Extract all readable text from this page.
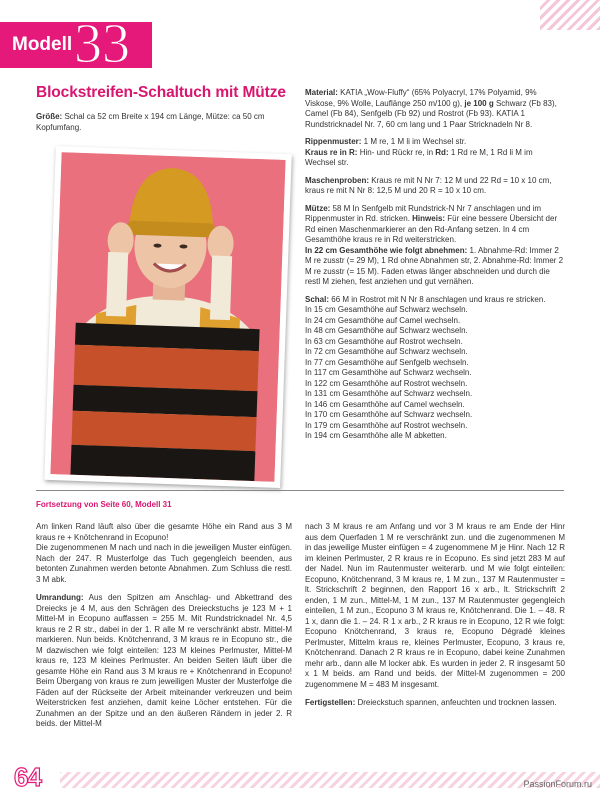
Modell 33
Blockstreifen-Schaltuch mit Mütze
Größe: Schal ca 52 cm Breite x 194 cm Länge, Mütze: ca 50 cm Kopfumfang.

Material: KATIA „Wow-Fluffy“ (65% Polyacryl, 17% Polyamid, 9% Viskose, 9% Wolle, Lauflänge 250 m/100 g), je 100 g Schwarz (Fb 83), Camel (Fb 84), Senfgelb (Fb 92) und Rostrot (Fb 93). KATIA 1 Rundstricknadel Nr. 7, 60 cm lang und 1 Paar Stricknadeln Nr 8.

Rippenmuster: 1 M re, 1 M li im Wechsel str.
Kraus re in R: Hin- und Rückr re, in Rd: 1 Rd re M, 1 Rd li M im Wechsel str.

Maschenproben: Kraus re mit N Nr 7: 12 M und 22 Rd = 10 x 10 cm, kraus re mit N Nr 8: 12,5 M und 20 R = 10 x 10 cm.

Mütze: 58 M In Senfgelb mit Rundstrick-N Nr 7 anschlagen und im Rippenmuster in Rd. stricken. Hinweis: Für eine bessere Übersicht der Rd einen Maschenmarkierer an den Rd-Anfang setzen. In 4 cm Gesamthöhe kraus re in Rd weiterstricken.
In 22 cm Gesamthöhe wie folgt abnehmen: 1. Abnahme-Rd: Immer 2 M re zusstr (= 29 M), 1 Rd ohne Abnahmen str, 2. Abnahme-Rd: Immer 2 M re zusstr (= 15 M). Faden etwas länger abschneiden und durch die restl M ziehen, fest anziehen und gut vernähen.

Schal: 66 M in Rostrot mit N Nr 8 anschlagen und kraus re stricken.
In 15 cm Gesamthöhe auf Schwarz wechseln.
In 24 cm Gesamthöhe auf Camel wechseln.
In 48 cm Gesamthöhe auf Schwarz wechseln.
In 63 cm Gesamthöhe auf Rostrot wechseln.
In 72 cm Gesamthöhe auf Schwarz wechseln.
In 77 cm Gesamthöhe auf Senfgelb wechseln.
In 117 cm Gesamthöhe auf Schwarz wechseln.
In 122 cm Gesamthöhe auf Rostrot wechseln.
In 131 cm Gesamthöhe auf Schwarz wechseln.
In 146 cm Gesamthöhe auf Camel wechseln.
In 170 cm Gesamthöhe auf Schwarz wechseln.
In 179 cm Gesamthöhe auf Rostrot wechseln.
In 194 cm Gesamthöhe alle M abketten.

Fortsetzung von Seite 60, Modell 31

Am linken Rand läuft also über die gesamte Höhe ein Rand aus 3 M kraus re + Knötchenrand in Ecopuno!
Die zugenommenen M nach und nach in die jeweiligen Muster einfügen. Nach der 247. R Musterfolge das Tuch gegengleich beenden, aus betonten Zunahmen werden betonte Abnahmen. Zum Schluss die restl. 3 M abk.

Umrandung: Aus den Spitzen am Anschlag- und Abkettrand des Dreiecks je 4 M, aus den Schrägen des Dreieckstuchs je 123 M + 1 Mittel-M in Ecopuno auffassen = 255 M. Mit Rundstricknadel Nr. 4,5 kraus re 2 R str., dabei in der 1. R alle M re verschränkt abstr. Mittel-M markieren. Nun beids. Knötchenrand, 3 M kraus re in Ecopuno str., die M dazwischen wie folgt einteilen: 123 M kleines Perlmuster, Mittel-M kraus re, 123 M kleines Perlmuster. An beiden Seiten läuft über die gesamte Höhe ein Rand aus 3 M kraus re + Knötchenrand in Ecopuno! Beim Übergang von kraus re zum jeweiligen Muster der Musterfolge die Fäden auf der Rückseite der Arbeit miteinander verkreuzen und beim Weiterstricken fest anziehen, damit keine Löcher entstehen. Für die Zunahmen an der Spitze und an den äußeren Rändern in jeder 2. R beids. der Mittel-M

nach 3 M kraus re am Anfang und vor 3 M kraus re am Ende der Hinr aus dem Querfaden 1 M re verschränkt zun. und die zugenommenen M in das jeweilige Muster einfügen = 4 zugenommene M je Hinr. Nach 12 R im kleinen Perlmuster, 2 R kraus re in Ecopuno. Es sind jetzt 283 M auf der Nadel. Nun im Rautenmuster weiterarb. und M wie folgt einteilen: Ecopuno, Knötchenrand, 3 M kraus re, 1 M zun., 137 M Rautenmuster = lt. Strickschrift 2 beginnen, den Rapport 16 x arb., lt. Strickschrift 2 enden, 1 M zun., Mittel-M, 1 M zun., 137 M Rautenmuster gegengleich einteilen, 1 M zun., Ecopuno 3 M kraus re, Knötchenrand. Die 1. – 48. R 1 x, dann die 1. – 24. R 1 x arb., 2 R kraus re in Ecopuno, 12 R wie folgt: Ecopuno Knötchenrand, 3 kraus re, Ecopuno Dégradé kleines Perlmuster, Mittelm kraus re, kleines Perlmuster, Ecopuno, 3 kraus re, Knötchenrand. Danach 2 R kraus re in Ecopuno, dabei keine Zunahmen mehr arb., dann alle M locker abk. Es wurden in jeder 2. R insgesamt 50 x 1 M beids. am Rand und beids. der Mittel-M zugenommen = 200 zugenommene M = 483 M insgesamt.

Fertigstellen: Dreieckstuch spannen, anfeuchten und trocknen lassen.

64	PassionForum.ru
